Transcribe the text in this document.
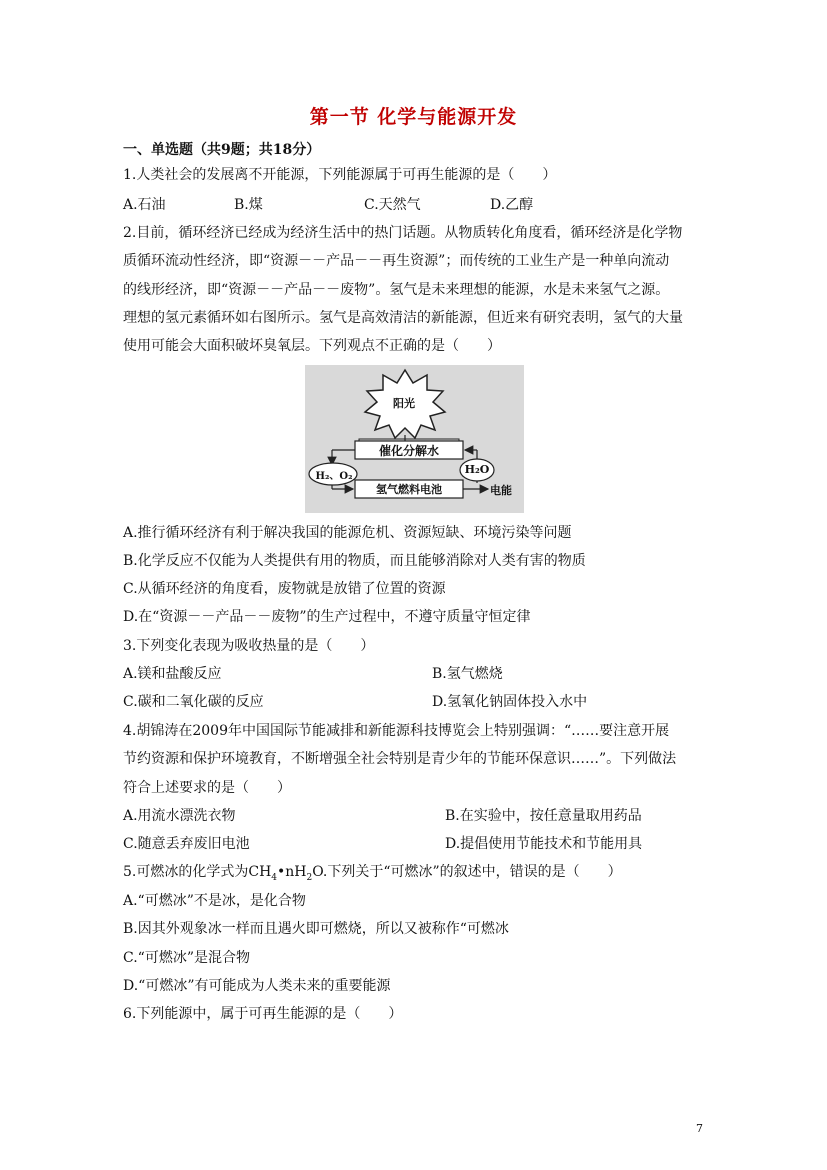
第一节 化学与能源开发
一、单选题（共9题；共18分）
1.人类社会的发展离不开能源，下列能源属于可再生能源的是（　　）
A.石油	B.煤	C.天然气	D.乙醇
2.目前，循环经济已经成为经济生活中的热门话题。从物质转化角度看，循环经济是化学物
质循环流动性经济，即“资源－－产品－－再生资源”；而传统的工业生产是一种单向流动
的线形经济，即“资源－－产品－－废物”。氢气是未来理想的能源，水是未来氢气之源。
理想的氢元素循环如右图所示。氢气是高效清洁的新能源，但近来有研究表明，氢气的大量
使用可能会大面积破坏臭氧层。下列观点不正确的是（　　）
阳光
催化分解水
氢气燃料电池
H₂、O₂
H₂O
电能
A.推行循环经济有利于解决我国的能源危机、资源短缺、环境污染等问题
B.化学反应不仅能为人类提供有用的物质，而且能够消除对人类有害的物质
C.从循环经济的角度看，废物就是放错了位置的资源
D.在“资源－－产品－－废物”的生产过程中，不遵守质量守恒定律
3.下列变化表现为吸收热量的是（　　）
A.镁和盐酸反应	B.氢气燃烧
C.碳和二氧化碳的反应	D.氢氧化钠固体投入水中
4.胡锦涛在2009年中国国际节能减排和新能源科技博览会上特别强调：“……要注意开展
节约资源和保护环境教育，不断增强全社会特别是青少年的节能环保意识……”。下列做法
符合上述要求的是（　　）
A.用流水漂洗衣物	B.在实验中，按任意量取用药品
C.随意丢弃废旧电池	D.提倡使用节能技术和节能用具
5.可燃冰的化学式为$CH_4•nH_2O$.下列关于“可燃冰”的叙述中，错误的是（　　）
A.“可燃冰”不是冰，是化合物
B.因其外观象冰一样而且遇火即可燃烧，所以又被称作“可燃冰
C.“可燃冰”是混合物
D.“可燃冰”有可能成为人类未来的重要能源
6.下列能源中，属于可再生能源的是（　　）
7
